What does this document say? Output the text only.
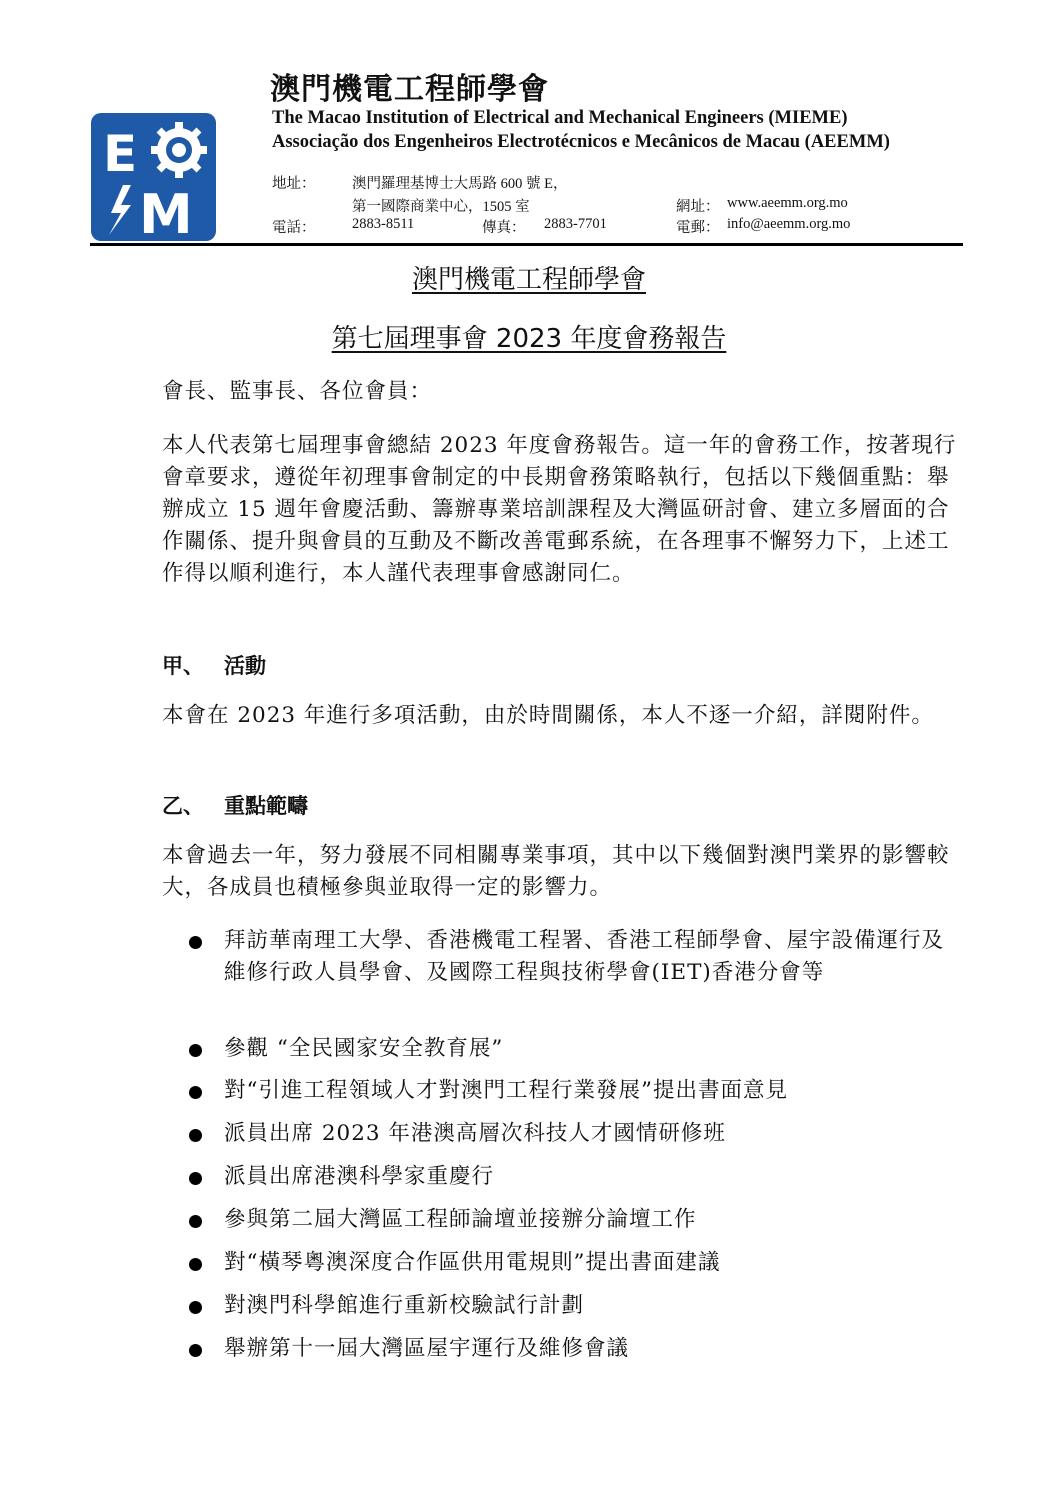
E
M
澳門機電工程師學會
The Macao Institution of Electrical and Mechanical Engineers (MIEME)
Associação dos Engenheiros Electrotécnicos e Mecânicos de Macau (AEEMM)
地址：	澳門羅理基博士大馬路 600 號 E，
第一國際商業中心，1505 室	網址： www.aeemm.org.mo
電話：	2883-8511	傳真： 2883-7701	電郵： info@aeemm.org.mo
澳門機電工程師學會
第七屆理事會 2023 年度會務報告
會長、監事長、各位會員：
本人代表第七屆理事會總結 2023 年度會務報告。這一年的會務工作，按著現行會章要求，遵從年初理事會制定的中長期會務策略執行，包括以下幾個重點：舉辦成立 15 週年會慶活動、籌辦專業培訓課程及大灣區研討會、建立多層面的合作關係、提升與會員的互動及不斷改善電郵系統，在各理事不懈努力下，上述工作得以順利進行，本人謹代表理事會感謝同仁。
甲、 活動
本會在 2023 年進行多項活動，由於時間關係，本人不逐一介紹，詳閱附件。
乙、 重點範疇
本會過去一年，努力發展不同相關專業事項，其中以下幾個對澳門業界的影響較大，各成員也積極參與並取得一定的影響力。
拜訪華南理工大學、香港機電工程署、香港工程師學會、屋宇設備運行及維修行政人員學會、及國際工程與技術學會(IET)香港分會等
參觀 “全民國家安全教育展”
對“引進工程領域人才對澳門工程行業發展”提出書面意見
派員出席 2023 年港澳高層次科技人才國情研修班
派員出席港澳科學家重慶行
參與第二屆大灣區工程師論壇並接辦分論壇工作
對“橫琴粵澳深度合作區供用電規則”提出書面建議
對澳門科學館進行重新校驗試行計劃
舉辦第十一屆大灣區屋宇運行及維修會議
